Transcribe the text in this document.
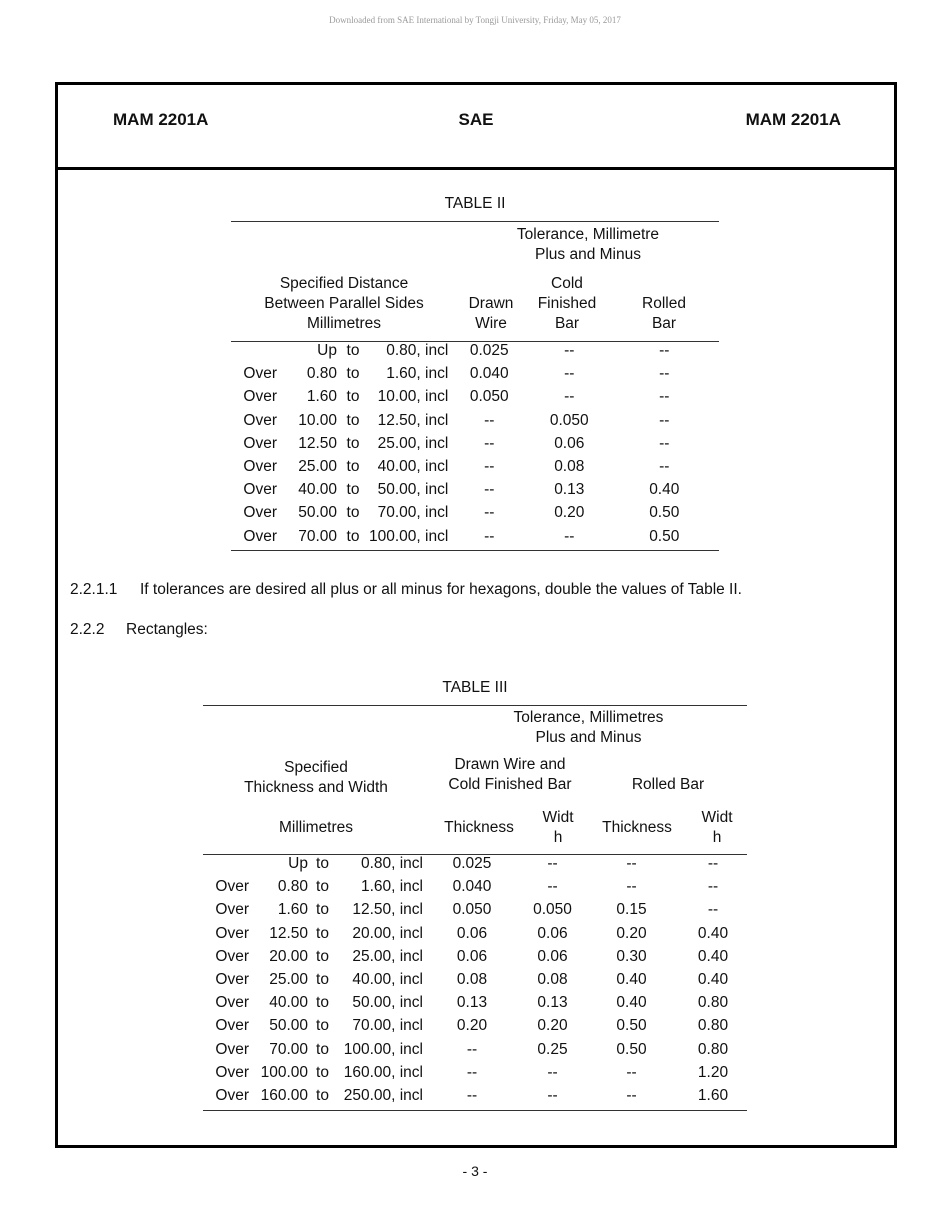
Downloaded from SAE International by Tongji University, Friday, May 05, 2017
MAM 2201A	SAE	MAM 2201A
TABLE II
Tolerance, Millimetre
Plus and Minus
Specified Distance
Between Parallel Sides
Millimetres
Drawn
Wire
Cold
Finished
Bar
Rolled
Bar
	Up	to	0.80, incl	0.025	--	--
Over	0.80	to	1.60, incl	0.040	--	--
Over	1.60	to	10.00, incl	0.050	--	--
Over	10.00	to	12.50, incl	--	0.050	--
Over	12.50	to	25.00, incl	--	0.06	--
Over	25.00	to	40.00, incl	--	0.08	--
Over	40.00	to	50.00, incl	--	0.13	0.40
Over	50.00	to	70.00, incl	--	0.20	0.50
Over	70.00	to	100.00, incl	--	--	0.50
2.2.1.1 If tolerances are desired all plus or all minus for hexagons, double the values of Table II.
2.2.2 Rectangles:
TABLE III
Tolerance, Millimetres
Plus and Minus
Specified
Thickness and Width
Drawn Wire and
Cold Finished Bar	Rolled Bar
Millimetres	Thickness
Widt
h
Thickness
Widt
h
	Up	to	0.80, incl	0.025	--	--	--
Over	0.80	to	1.60, incl	0.040	--	--	--
Over	1.60	to	12.50, incl	0.050	0.050	0.15	--
Over	12.50	to	20.00, incl	0.06	0.06	0.20	0.40
Over	20.00	to	25.00, incl	0.06	0.06	0.30	0.40
Over	25.00	to	40.00, incl	0.08	0.08	0.40	0.40
Over	40.00	to	50.00, incl	0.13	0.13	0.40	0.80
Over	50.00	to	70.00, incl	0.20	0.20	0.50	0.80
Over	70.00	to	100.00, incl	--	0.25	0.50	0.80
Over	100.00	to	160.00, incl	--	--	--	1.20
Over	160.00	to	250.00, incl	--	--	--	1.60
- 3 -
